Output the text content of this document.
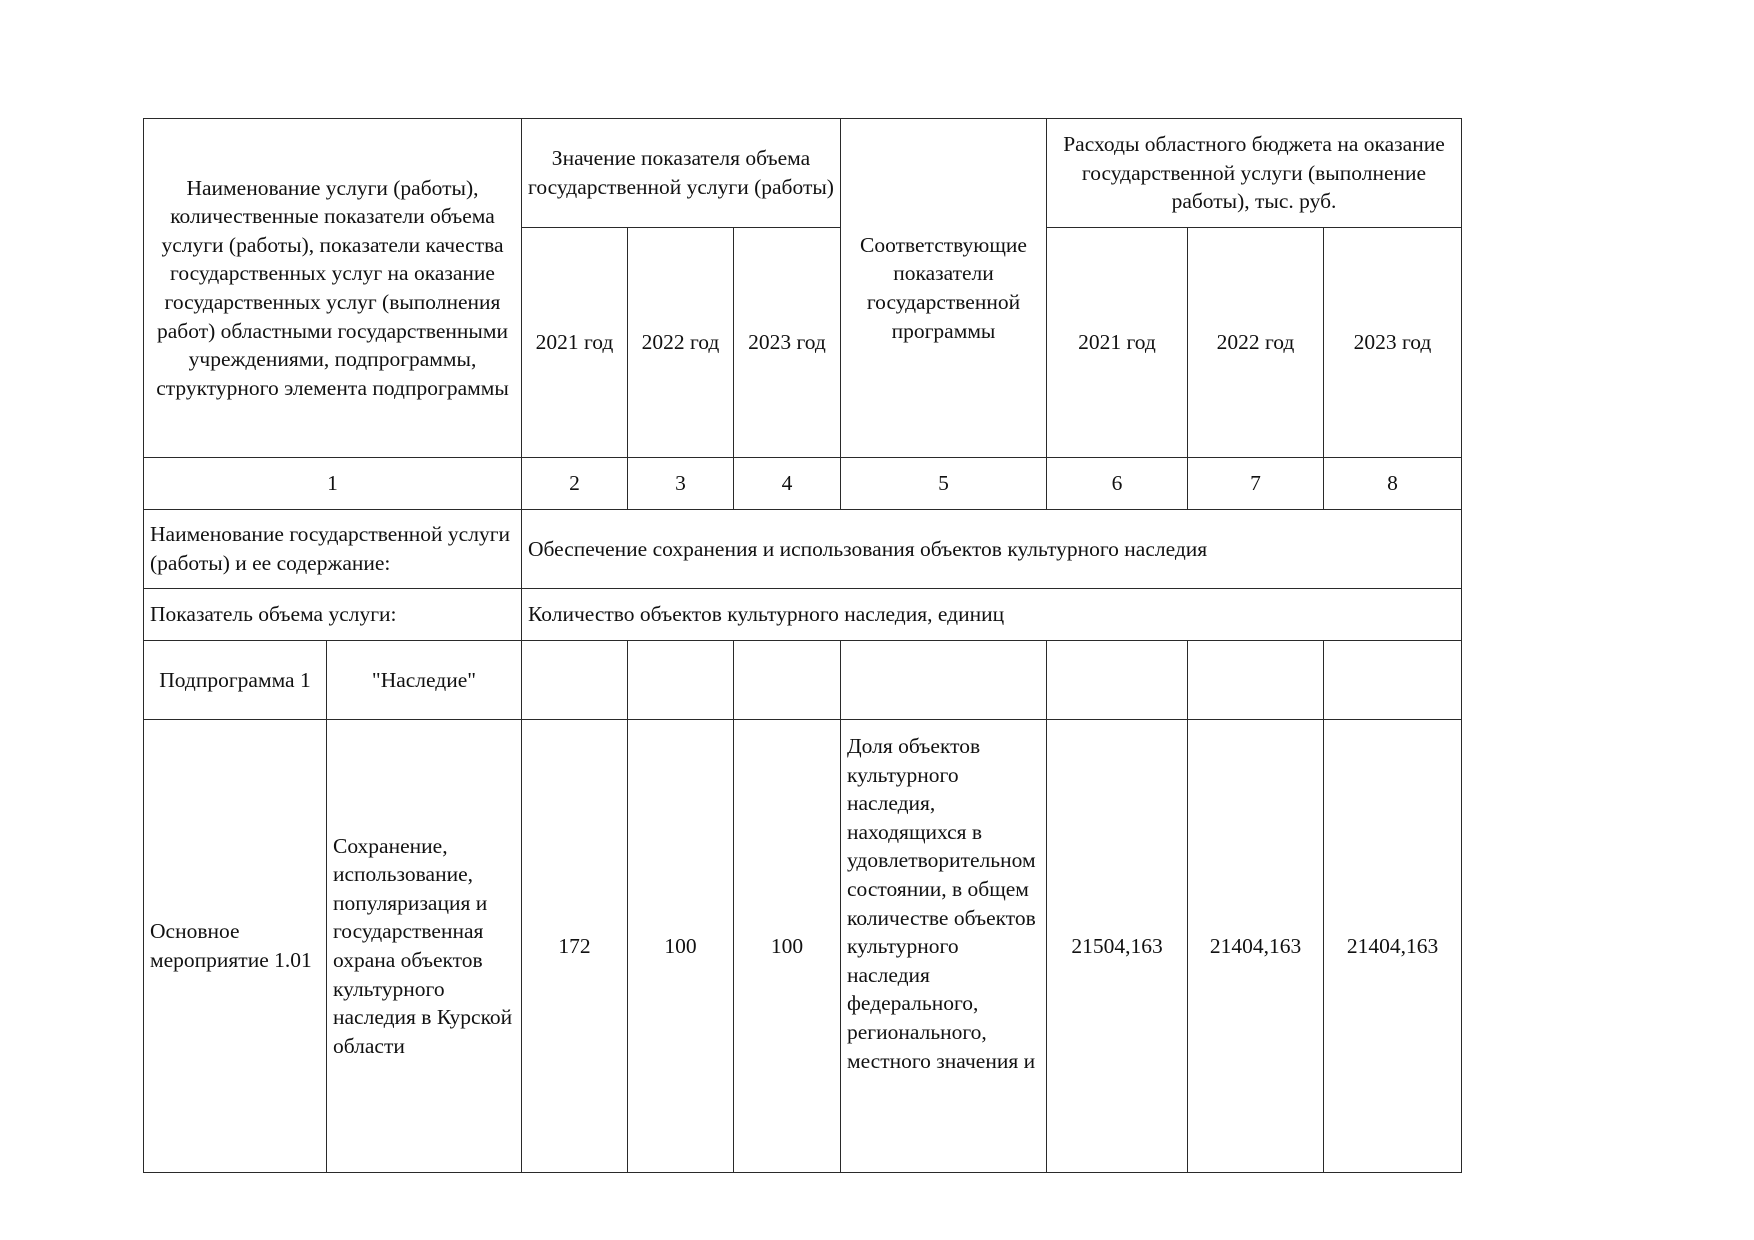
Наименование услуги (работы), количественные показатели объема услуги (работы), показатели качества государственных услуг на оказание государственных услуг (выполнения работ) областными государственными учреждениями, подпрограммы, структурного элемента подпрограммы		Значение показателя объема государственной услуги (работы)			Соответствующие показатели государственной программы	Расходы областного бюджета на оказание государственной услуги (выполнение работы), тыс. руб.		
		2021 год	2022 год	2023 год		2021 год	2022 год	2023 год
1		2	3	4	5	6	7	8
Наименование государственной услуги (работы) и ее содержание:		Обеспечение сохранения и использования объектов культурного наследия						
Показатель объема услуги:		Количество объектов культурного наследия, единиц						
Подпрограмма 1	"Наследие"							
Основное мероприятие 1.01	Сохранение, использование, популяризация и государственная охрана объектов культурного наследия в Курской области	172	100	100	Доля объектов культурного наследия, находящихся в удовлетворительном состоянии, в общем количестве объектов культурного наследия федерального, регионального, местного значения и	21504,163	21404,163	21404,163
